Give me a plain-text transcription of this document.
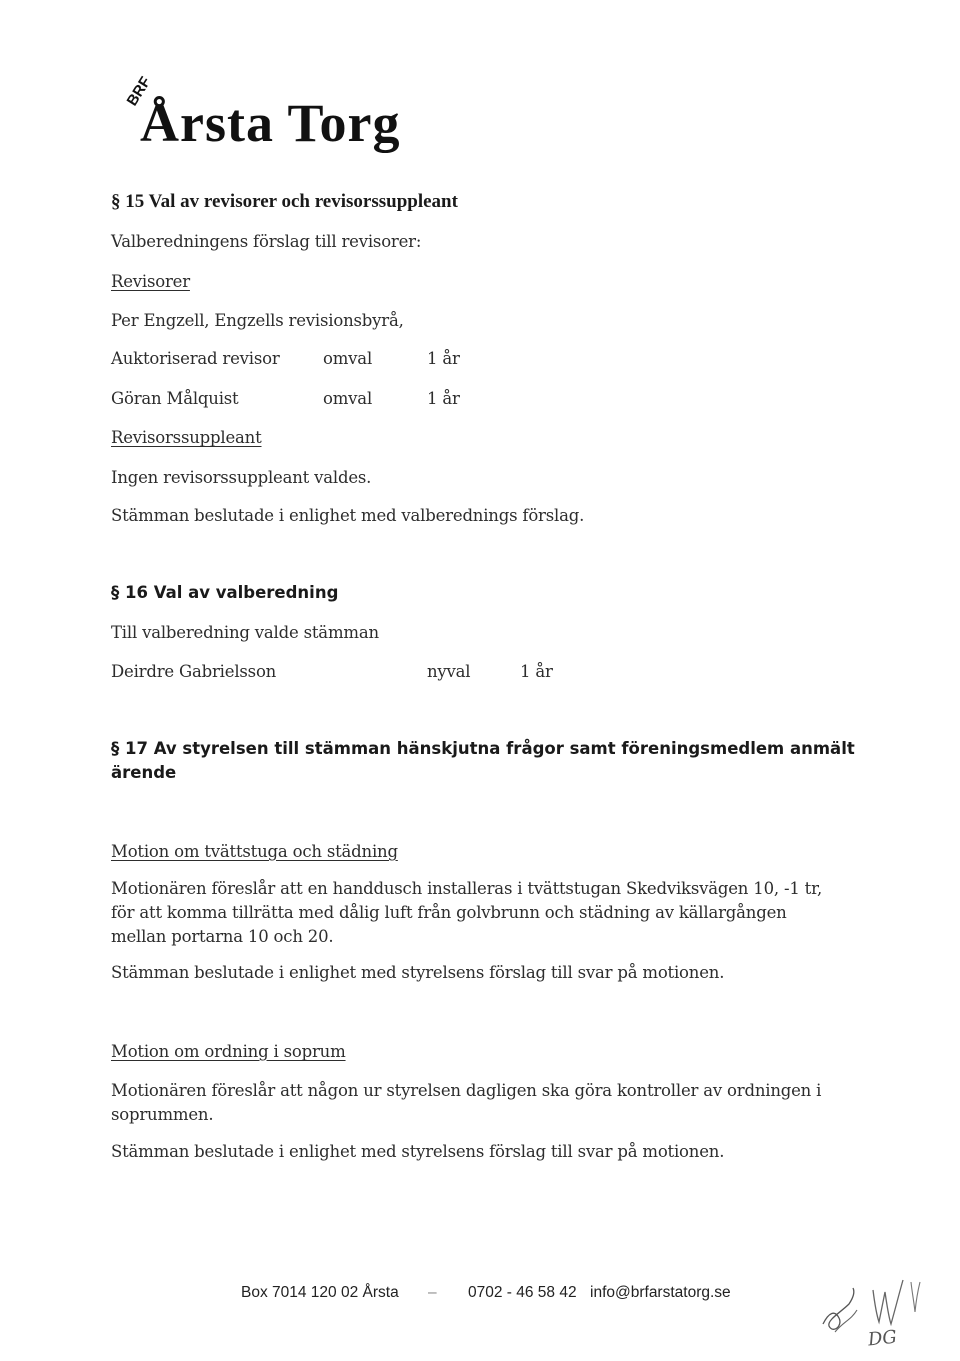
BRF
Årsta Torg
§ 15 Val av revisorer och revisorssuppleant
Valberedningens förslag till revisorer:
Revisorer
Per Engzell, Engzells revisionsbyrå,
Auktoriserad revisor	omval	1 år
Göran Målquist	omval	1 år
Revisorssuppleant
Ingen revisorssuppleant valdes.
Stämman beslutade i enlighet med valberednings förslag.
§ 16 Val av valberedning
Till valberedning valde stämman
Deirdre Gabrielsson	nyval	1 år
§ 17 Av styrelsen till stämman hänskjutna frågor samt föreningsmedlem anmält
ärende
Motion om tvättstuga och städning
Motionären föreslår att en handdusch installeras i tvättstugan Skedviksvägen 10, -1 tr,
för att komma tillrätta med dålig luft från golvbrunn och städning av källargången
mellan portarna 10 och 20.
Stämman beslutade i enlighet med styrelsens förslag till svar på motionen.
Motion om ordning i soprum
Motionären föreslår att någon ur styrelsen dagligen ska göra kontroller av ordningen i
soprummen.
Stämman beslutade i enlighet med styrelsens förslag till svar på motionen.
Box 7014 120 02 Årsta – 0702 - 46 58 42 info@brfarstatorg.se
DG
